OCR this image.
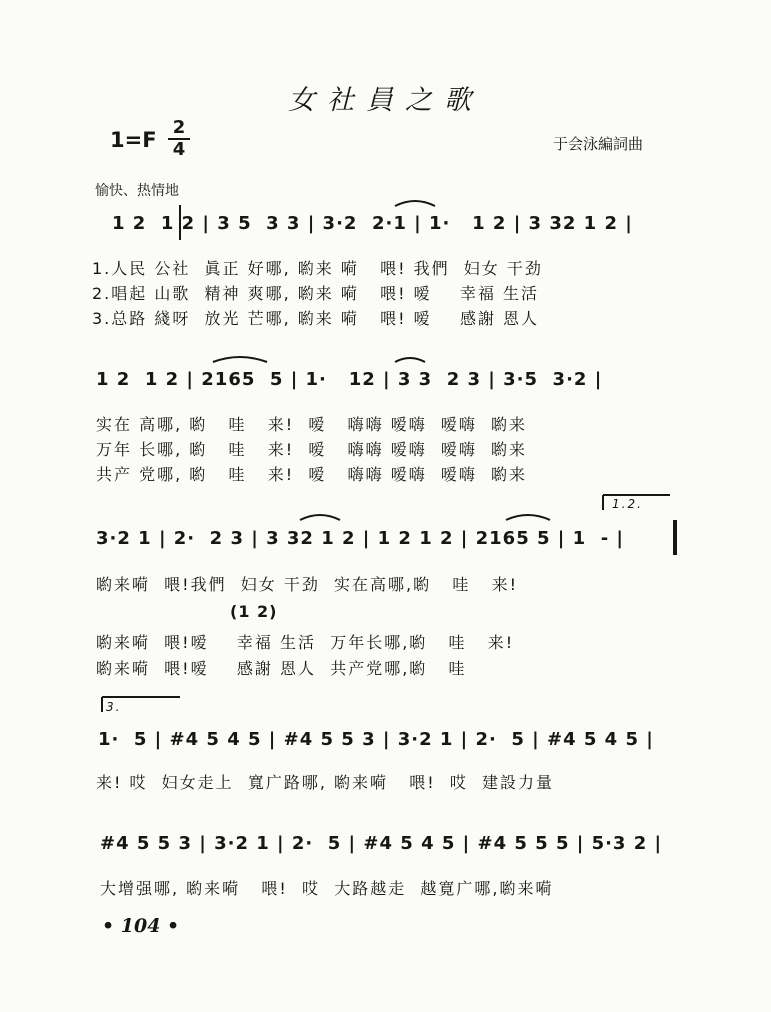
女社員之歌
$1=F \frac{2}{4}$	于会泳編詞曲
愉快、热情地
1 2  1 2 | 3 5  3 3 | 3·2  2·1 | 1·   1 2 | 3 32 1 2 |
1.人民 公社  眞正 好哪, 喲来 嗬   喂! 我們  妇女 干劲
2.唱起 山歌  精神 爽哪, 喲来 嗬   喂! 嗳    幸福 生活
3.总路 綫呀  放光 芒哪, 喲来 嗬   喂! 嗳    感謝 恩人
1 2  1 2 | 2165  5 | 1·   12 | 3 3  2 3 | 3·5  3·2 |
实在 高哪, 喲   哇   来!  嗳   嗨嗨 嗳嗨  嗳嗨  喲来
万年 长哪, 喲   哇   来!  嗳   嗨嗨 嗳嗨  嗳嗨  喲来
共产 党哪, 喲   哇   来!  嗳   嗨嗨 嗳嗨  嗳嗨  喲来
1.2.
3·2 1 | 2·  2 3 | 3 32 1 2 | 1 2 1 2 | 2165 5 | 1  - |
喲来嗬  喂!我們  妇女 干劲  实在高哪,喲   哇   来!
(1 2)
喲来嗬  喂!嗳    幸福 生活  万年长哪,喲   哇   来!
喲来嗬  喂!嗳    感謝 恩人  共产党哪,喲   哇
3.
1·  5 | #4 5 4 5 | #4 5 5 3 | 3·2 1 | 2·  5 | #4 5 4 5 |
来! 哎  妇女走上  寬广路哪, 喲来嗬   喂!  哎  建設力量
#4 5 5 3 | 3·2 1 | 2·  5 | #4 5 4 5 | #4 5 5 5 | 5·3 2 |
大增强哪, 喲来嗬   喂!  哎  大路越走  越寛广哪,喲来嗬
• 104 •
